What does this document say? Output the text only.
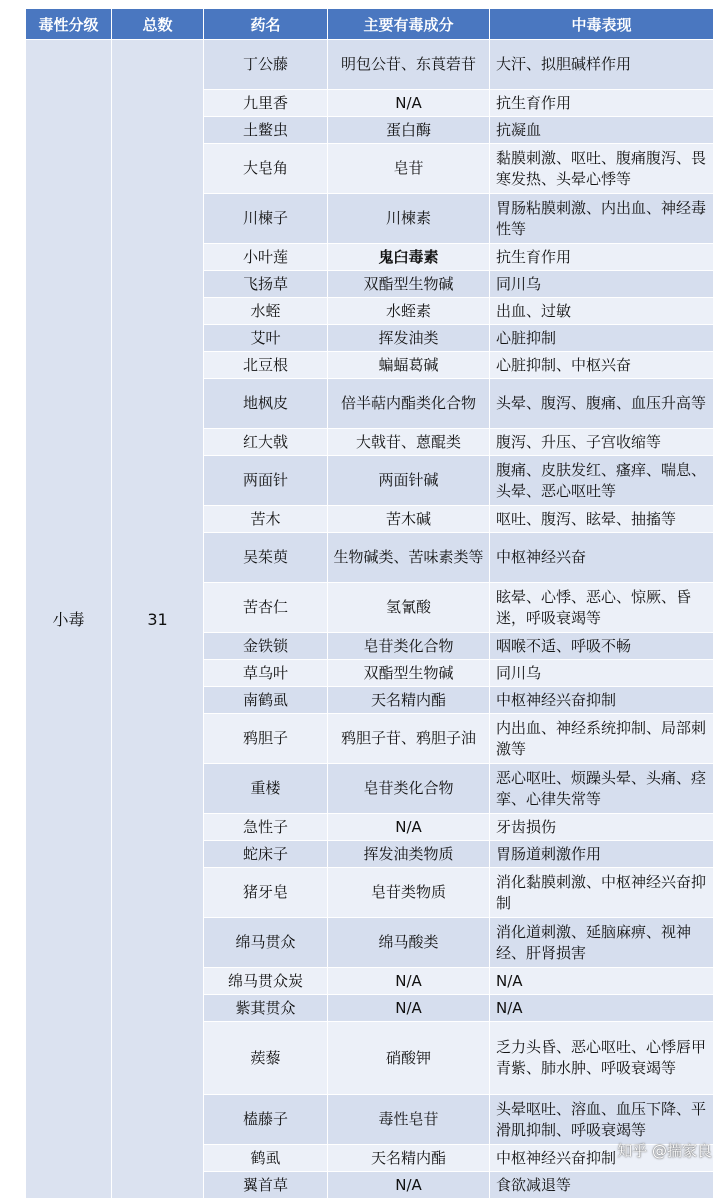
毒性分级	总数	药名	主要有毒成分	中毒表现
小毒	31	丁公藤	明包公苷、东莨菪苷	大汗、拟胆碱样作用
		九里香	N/A	抗生育作用
		土鳖虫	蛋白酶	抗凝血
		大皂角	皂苷	黏膜刺激、呕吐、腹痛腹泻、畏寒发热、头晕心悸等
		川楝子	川楝素	胃肠粘膜刺激、内出血、神经毒性等
		小叶莲	鬼臼毒素	抗生育作用
		飞扬草	双酯型生物碱	同川乌
		水蛭	水蛭素	出血、过敏
		艾叶	挥发油类	心脏抑制
		北豆根	蝙蝠葛碱	心脏抑制、中枢兴奋
		地枫皮	倍半萜内酯类化合物	头晕、腹泻、腹痛、血压升高等
		红大戟	大戟苷、蒽醌类	腹泻、升压、子宫收缩等
		两面针	两面针碱	腹痛、皮肤发红、瘙痒、喘息、头晕、恶心呕吐等
		苦木	苦木碱	呕吐、腹泻、眩晕、抽搐等
		吴茱萸	生物碱类、苦味素类等	中枢神经兴奋
		苦杏仁	氢氰酸	眩晕、心悸、恶心、惊厥、昏迷，呼吸衰竭等
		金铁锁	皂苷类化合物	咽喉不适、呼吸不畅
		草乌叶	双酯型生物碱	同川乌
		南鹤虱	天名精内酯	中枢神经兴奋抑制
		鸦胆子	鸦胆子苷、鸦胆子油	内出血、神经系统抑制、局部刺激等
		重楼	皂苷类化合物	恶心呕吐、烦躁头晕、头痛、痉挛、心律失常等
		急性子	N/A	牙齿损伤
		蛇床子	挥发油类物质	胃肠道刺激作用
		猪牙皂	皂苷类物质	消化黏膜刺激、中枢神经兴奋抑制
		绵马贯众	绵马酸类	消化道刺激、延脑麻痹、视神经、肝肾损害
		绵马贯众炭	N/A	N/A
		紫萁贯众	N/A	N/A
		蒺藜	硝酸钾	乏力头昏、恶心呕吐、心悸唇甲青紫、肺水肿、呼吸衰竭等
		榼藤子	毒性皂苷	头晕呕吐、溶血、血压下降、平滑肌抑制、呼吸衰竭等
		鹤虱	天名精内酯	中枢神经兴奋抑制
		翼首草	N/A	食欲减退等
知乎 @揣家良
